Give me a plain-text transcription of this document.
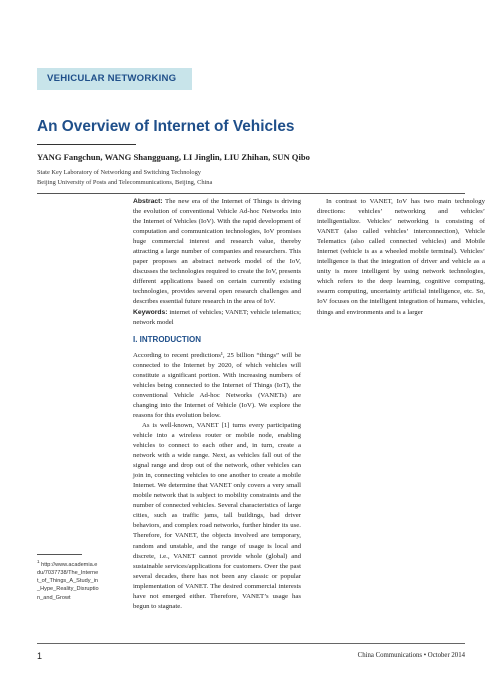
VEHICULAR NETWORKING
An Overview of Internet of Vehicles
YANG Fangchun, WANG Shangguang, LI Jinglin, LIU Zhihan, SUN Qibo
State Key Laboratory of Networking and Switching Technology
Beijing University of Posts and Telecommunications, Beijing, China

Abstract: The new era of the Internet of Things is driving the evolution of conventional Vehicle Ad-hoc Networks into the Internet of Vehicles (IoV). With the rapid development of computation and communication technologies, IoV promises huge commercial interest and research value, thereby attracting a large number of companies and researchers. This paper proposes an abstract network model of the IoV, discusses the technologies required to create the IoV, presents different applications based on certain currently existing technologies, provides several open research challenges and describes essential future research in the area of IoV.

Keywords: internet of vehicles; VANET; vehicle telematics; network model

I. INTRODUCTION

According to recent predictions¹, 25 billion “things” will be connected to the Internet by 2020, of which vehicles will constitute a significant portion. With increasing numbers of vehicles being connected to the Internet of Things (IoT), the conventional Vehicle Ad-hoc Networks (VANETs) are changing into the Internet of Vehicle (IoV). We explore the reasons for this evolution below.

As is well-known, VANET [1] turns every participating vehicle into a wireless router or mobile node, enabling vehicles to connect to each other and, in turn, create a network with a wide range. Next, as vehicles fall out of the signal range and drop out of the network, other vehicles can join in, connecting vehicles to one another to create a mobile Internet. We determine that VANET only covers a very small mobile network that is subject to mobility constraints and the number of connected vehicles. Several characteristics of large cities, such as traffic jams, tall buildings, bad driver behaviors, and complex road networks, further hinder its use. Therefore, for VANET, the objects involved are temporary, random and unstable, and the range of usage is local and discrete, i.e., VANET cannot provide whole (global) and sustainable services/applications for customers. Over the past several decades, there has not been any classic or popular implementation of VANET. The desired commercial interests have not emerged either. Therefore, VANET’s usage has begun to stagnate.

In contrast to VANET, IoV has two main technology directions: vehicles’ networking and vehicles’ intelligentialize. Vehicles’ networking is consisting of VANET (also called vehicles’ interconnection), Vehicle Telematics (also called connected vehicles) and Mobile Internet (vehicle is as a wheeled mobile terminal). Vehicles’ intelligence is that the integration of driver and vehicle as a unity is more intelligent by using network technologies, which refers to the deep learning, cognitive computing, swarm computing, uncertainty artificial intelligence, etc. So, IoV focuses on the intelligent integration of humans, vehicles, things and environments and is a larger

$^1$ http://www.academia.edu/7037738/The_Internet_of_Things_A_Study_in_Hype_Reality_Disruption_and_Growt
1	China Communications • October 2014
